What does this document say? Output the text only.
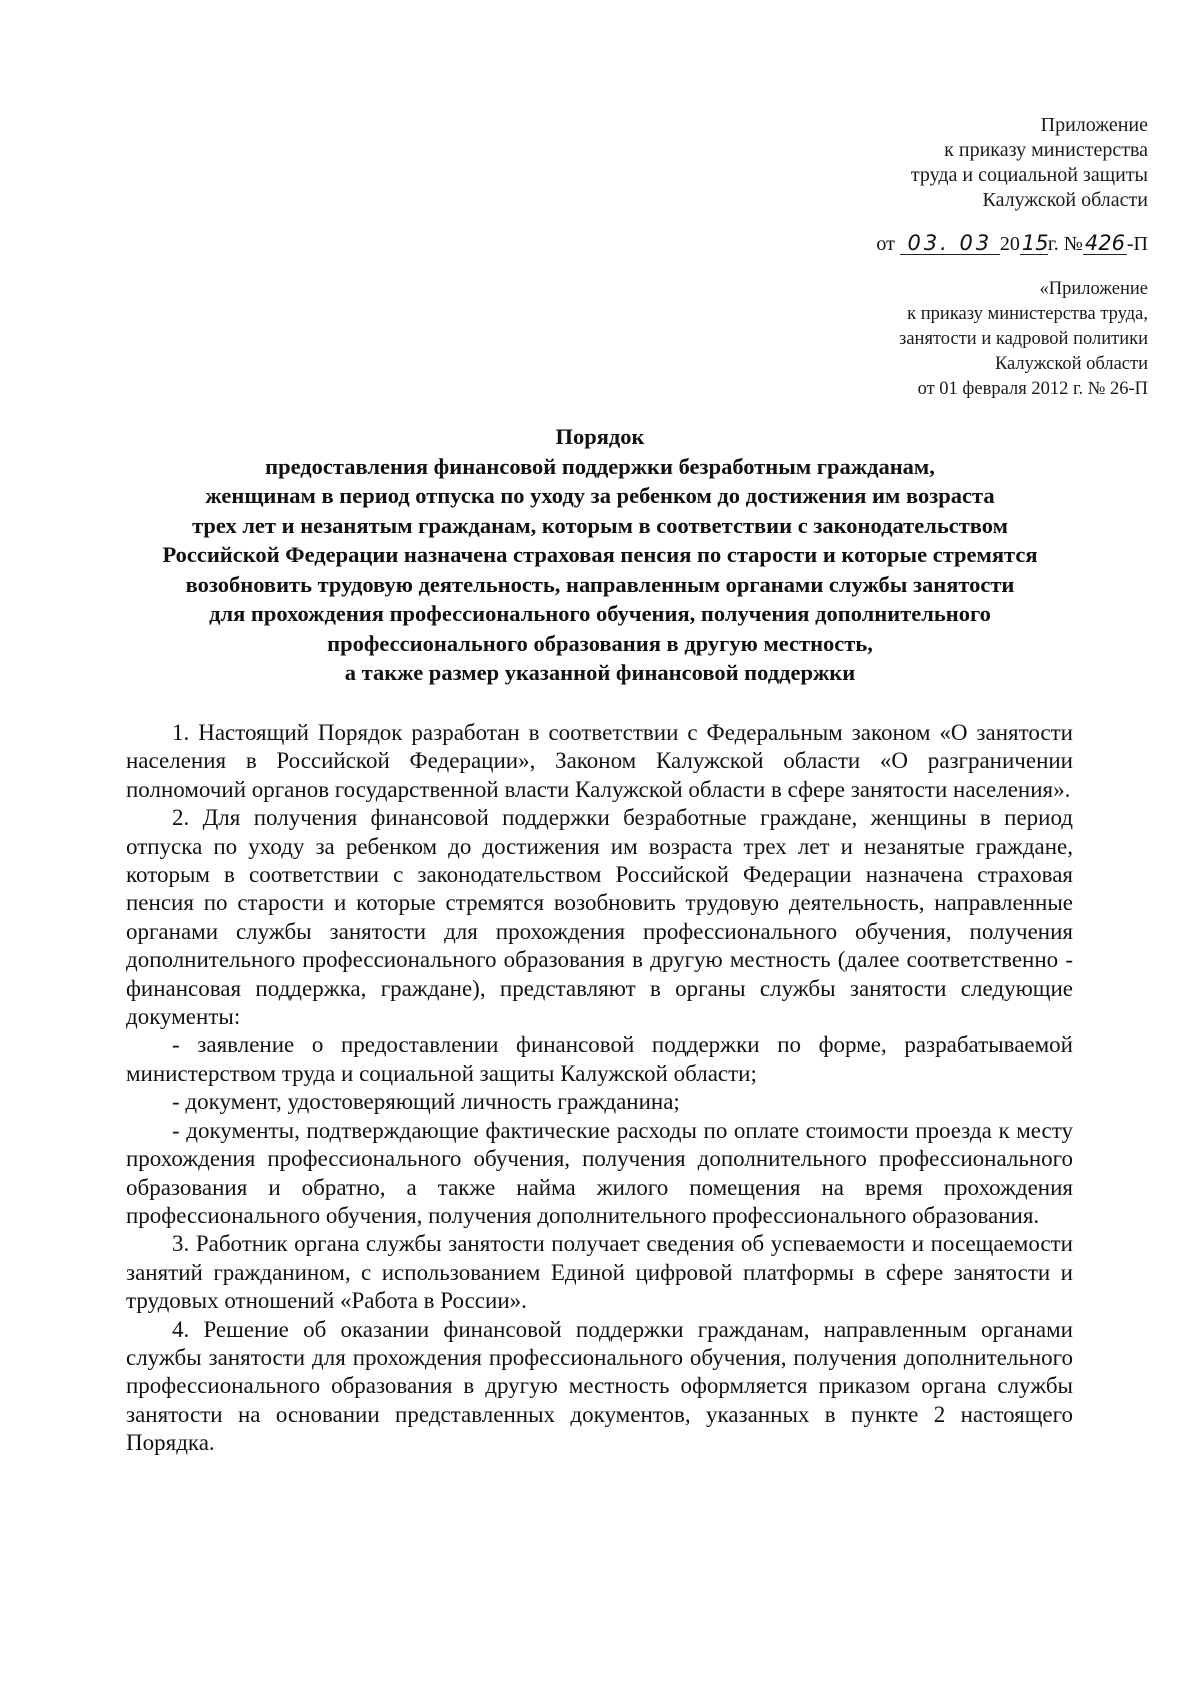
Приложение
к приказу министерства
труда и социальной защиты
Калужской области
от 03. 03 2015г. №426-П
«Приложение
к приказу министерства труда,
занятости и кадровой политики
Калужской области
от 01 февраля 2012 г. № 26-П
Порядок
предоставления финансовой поддержки безработным гражданам,
женщинам в период отпуска по уходу за ребенком до достижения им возраста
трех лет и незанятым гражданам, которым в соответствии с законодательством
Российской Федерации назначена страховая пенсия по старости и которые стремятся
возобновить трудовую деятельность, направленным органами службы занятости
для прохождения профессионального обучения, получения дополнительного
профессионального образования в другую местность,
а также размер указанной финансовой поддержки

1. Настоящий Порядок разработан в соответствии с Федеральным законом «О занятости населения в Российской Федерации», Законом Калужской области «О разграничении полномочий органов государственной власти Калужской области в сфере занятости населения».

2. Для получения финансовой поддержки безработные граждане, женщины в период отпуска по уходу за ребенком до достижения им возраста трех лет и незанятые граждане, которым в соответствии с законодательством Российской Федерации назначена страховая пенсия по старости и которые стремятся возобновить трудовую деятельность, направленные органами службы занятости для прохождения профессионального обучения, получения дополнительного профессионального образования в другую местность (далее соответственно - финансовая поддержка, граждане), представляют в органы службы занятости следующие документы:

- заявление о предоставлении финансовой поддержки по форме, разрабатываемой министерством труда и социальной защиты Калужской области;

- документ, удостоверяющий личность гражданина;

- документы, подтверждающие фактические расходы по оплате стоимости проезда к месту прохождения профессионального обучения, получения дополнительного профессионального образования и обратно, а также найма жилого помещения на время прохождения профессионального обучения, получения дополнительного профессионального образования.

3. Работник органа службы занятости получает сведения об успеваемости и посещаемости занятий гражданином, с использованием Единой цифровой платформы в сфере занятости и трудовых отношений «Работа в России».

4. Решение об оказании финансовой поддержки гражданам, направленным органами службы занятости для прохождения профессионального обучения, получения дополнительного профессионального образования в другую местность оформляется приказом органа службы занятости на основании представленных документов, указанных в пункте 2 настоящего Порядка.
